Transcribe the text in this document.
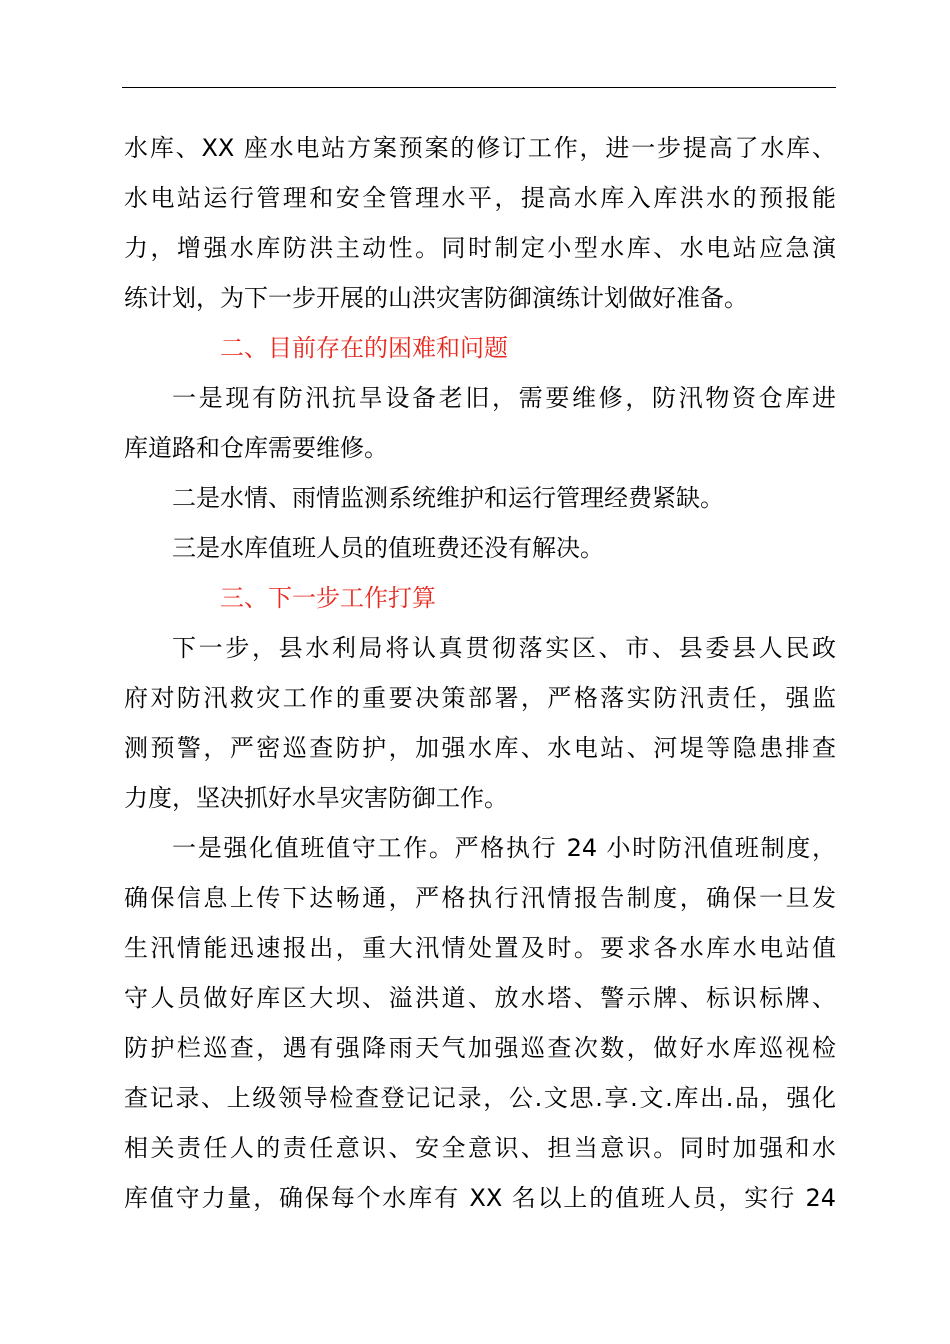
水库、XX 座水电站方案预案的修订工作，进一步提高了水库、
水电站运行管理和安全管理水平，提高水库入库洪水的预报能
力，增强水库防洪主动性。同时制定小型水库、水电站应急演
练计划，为下一步开展的山洪灾害防御演练计划做好准备。
二、目前存在的困难和问题
一是现有防汛抗旱设备老旧，需要维修，防汛物资仓库进
库道路和仓库需要维修。
二是水情、雨情监测系统维护和运行管理经费紧缺。
三是水库值班人员的值班费还没有解决。
三、下一步工作打算
下一步，县水利局将认真贯彻落实区、市、县委县人民政
府对防汛救灾工作的重要决策部署，严格落实防汛责任，强监
测预警，严密巡查防护，加强水库、水电站、河堤等隐患排查
力度，坚决抓好水旱灾害防御工作。
一是强化值班值守工作。严格执行 24 小时防汛值班制度，
确保信息上传下达畅通，严格执行汛情报告制度，确保一旦发
生汛情能迅速报出，重大汛情处置及时。要求各水库水电站值
守人员做好库区大坝、溢洪道、放水塔、警示牌、标识标牌、
防护栏巡查，遇有强降雨天气加强巡查次数，做好水库巡视检
查记录、上级领导检查登记记录，公.文思.享.文.库出.品，强化
相关责任人的责任意识、安全意识、担当意识。同时加强和水
库值守力量，确保每个水库有 XX 名以上的值班人员，实行 24
